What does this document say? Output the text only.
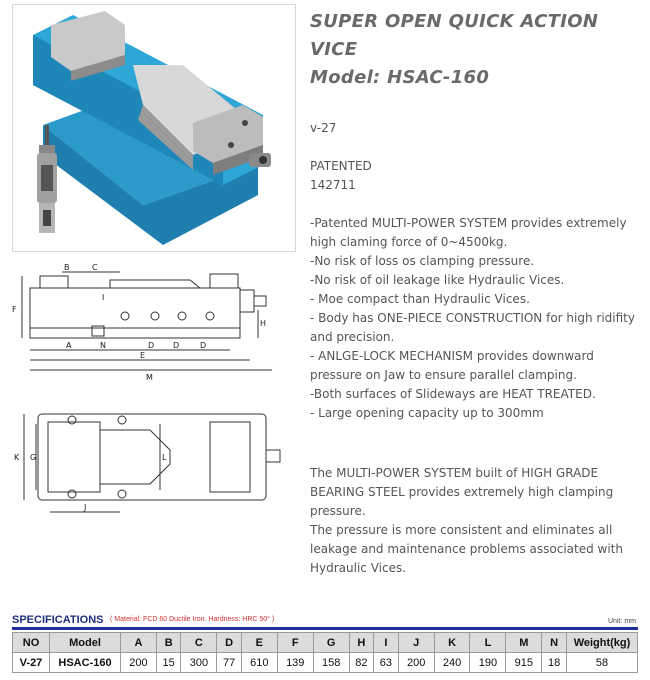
SUPER OPEN QUICK ACTION
VICE
Model: HSAC-160
v-27
PATENTED
142711
-Patented MULTI-POWER SYSTEM provides extremely
high claming force of 0~4500kg.
-No risk of loss os clamping pressure.
-No risk of oil leakage like Hydraulic Vices.
- Moe compact than Hydraulic Vices.
- Body has ONE-PIECE CONSTRUCTION for high ridifity
and precision.
- ANLGE-LOCK MECHANISM provides downward
pressure on Jaw to ensure parallel clamping.
-Both surfaces of Slideways are HEAT TREATED.
- Large opening capacity up to 300mm
The MULTI-POWER SYSTEM built of HIGH GRADE
BEARING STEEL provides extremely high clamping
pressure.
The pressure is more consistent and eliminates all
leakage and maintenance problems associated with
Hydraulic Vices.
B	C
F
I
H
A	N	D D	D
E
M
K G	L
J
SPECIFICATIONS ( Material: FCD 60 Ductile Iron. Hardness: HRC 50° )	Unit: mm
NO	Model	A	B	C	D	E	F	G	H	I	J	K	L	M	N	Weight(kg)
V-27	HSAC-160	200	15	300	77	610	139	158	82	63	200	240	190	915	18	58
